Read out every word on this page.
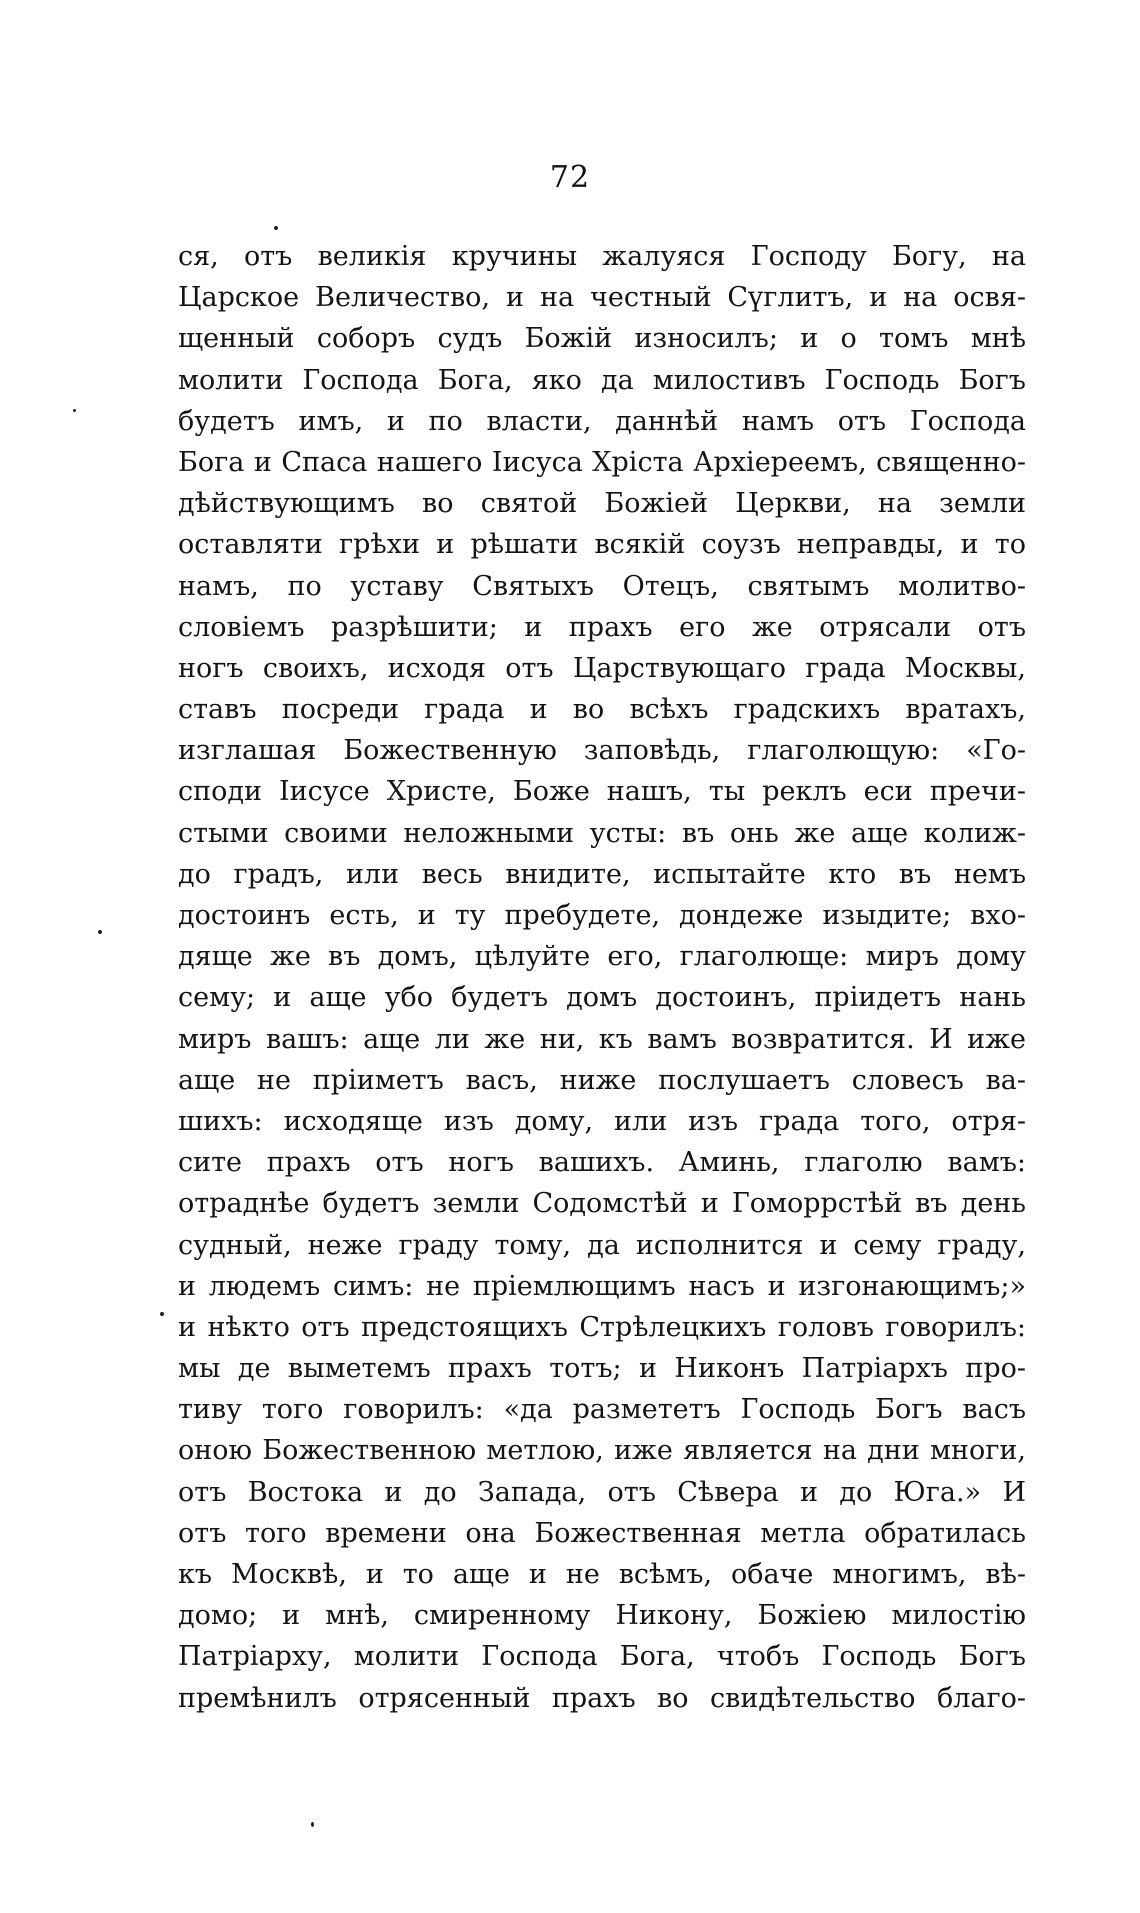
72
ся, отъ великія кручины жалуяся Господу Богу, на
Царское Величество, и на честный Сүглитъ, и на освя-
щенный соборъ судъ Божій износилъ; и о томъ мнѣ
молити Господа Бога, яко да милостивъ Господь Богъ
будетъ имъ, и по власти, даннѣй намъ отъ Господа
Бога и Спаса нашего Іисуса Хріста Архіереемъ, священно-
дѣйствующимъ во святой Божіей Церкви, на земли
оставляти грѣхи и рѣшати всякій соузъ неправды, и то
намъ, по уставу Святыхъ Отецъ, святымъ молитво-
словіемъ разрѣшити; и прахъ его же отрясали отъ
ногъ своихъ, исходя отъ Царствующаго града Москвы,
ставъ посреди града и во всѣхъ градскихъ вратахъ,
изглашая Божественную заповѣдь, глаголющую: «Го-
споди Іисусе Христе, Боже нашъ, ты реклъ еси пречи-
стыми своими неложными усты: въ онь же аще колиж-
до градъ, или весь внидите, испытайте кто въ немъ
достоинъ есть, и ту пребудете, дондеже изыдите; вхо-
дяще же въ домъ, цѣлуйте его, глаголюще: миръ дому
сему; и аще убо будетъ домъ достоинъ, пріидетъ нань
миръ вашъ: аще ли же ни, къ вамъ возвратится. И иже
аще не пріиметъ васъ, ниже послушаетъ словесъ ва-
шихъ: исходяще изъ дому, или изъ града того, отря-
сите прахъ отъ ногъ вашихъ. Аминь, глаголю вамъ:
отраднѣе будетъ земли Содомстѣй и Гоморрстѣй въ день
судный, неже граду тому, да исполнится и сему граду,
и людемъ симъ: не пріемлющимъ насъ и изгонающимъ;»
и нѣкто отъ предстоящихъ Стрѣлецкихъ головъ говорилъ:
мы де выметемъ прахъ тотъ; и Никонъ Патріархъ про-
тиву того говорилъ: «да размететъ Господь Богъ васъ
оною Божественною метлою, иже является на дни многи,
отъ Востока и до Запада, отъ Сѣвера и до Юга.» И
отъ того времени она Божественная метла обратилась
къ Москвѣ, и то аще и не всѣмъ, обаче многимъ, вѣ-
домо; и мнѣ, смиренному Никону, Божіею милостію
Патріарху, молити Господа Бога, чтобъ Господь Богъ
премѣнилъ отрясенный прахъ во свидѣтельство благо-
